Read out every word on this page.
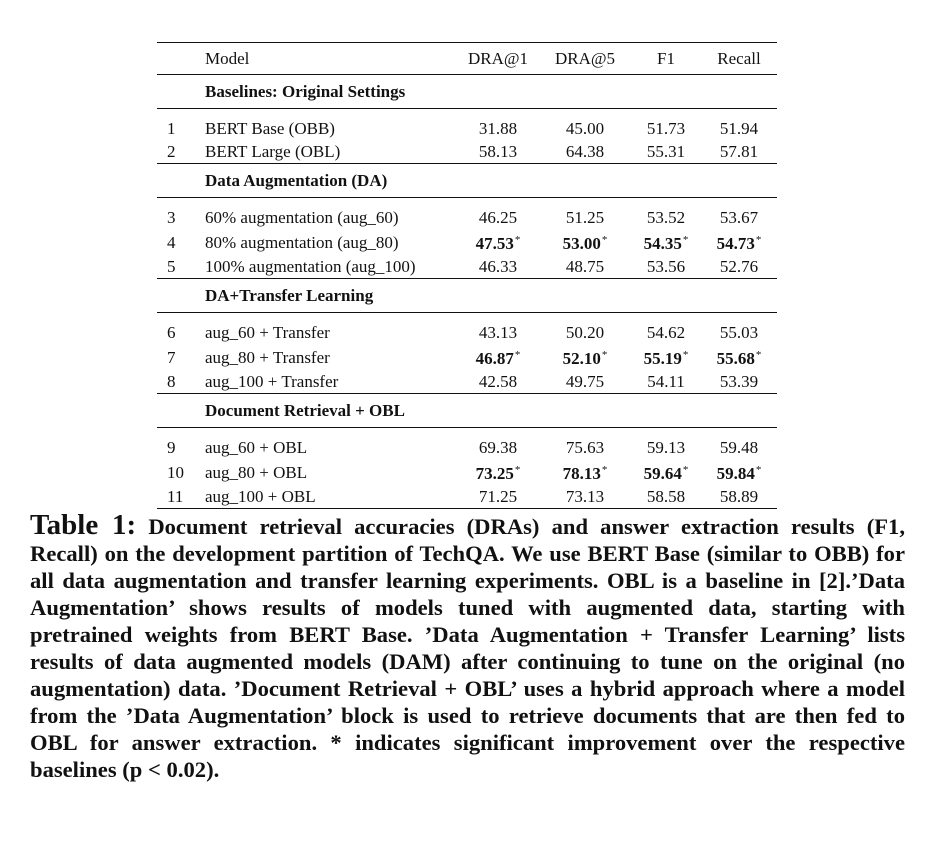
	Model	DRA@1	DRA@5	F1	Recall
	Baselines: Original Settings				

1	BERT Base (OBB)	31.88	45.00	51.73	51.94
2	BERT Large (OBL)	58.13	64.38	55.31	57.81
	Data Augmentation (DA)				

3	60% augmentation (aug_60)	46.25	51.25	53.52	53.67
4	80% augmentation (aug_80)	47.53*	53.00*	54.35*	54.73*
5	100% augmentation (aug_100)	46.33	48.75	53.56	52.76
	DA+Transfer Learning				

6	aug_60 + Transfer	43.13	50.20	54.62	55.03
7	aug_80 + Transfer	46.87*	52.10*	55.19*	55.68*
8	aug_100 + Transfer	42.58	49.75	54.11	53.39
	Document Retrieval + OBL				

9	aug_60 + OBL	69.38	75.63	59.13	59.48
10	aug_80 + OBL	73.25*	78.13*	59.64*	59.84*
11	aug_100 + OBL	71.25	73.13	58.58	58.89
Table 1: Document retrieval accuracies (DRAs) and answer extraction results (F1, Recall) on the development partition of TechQA. We use BERT Base (similar to OBB) for all data augmentation and transfer learning experiments. OBL is a baseline in [2].’Data Augmentation’ shows results of models tuned with augmented data, starting with pretrained weights from BERT Base. ’Data Augmentation + Transfer Learning’ lists results of data augmented models (DAM) after continuing to tune on the original (no augmentation) data. ’Document Retrieval + OBL’ uses a hybrid approach where a model from the ’Data Augmentation’ block is used to retrieve documents that are then fed to OBL for answer extraction. * indicates significant improvement over the respective baselines (p < 0.02).
